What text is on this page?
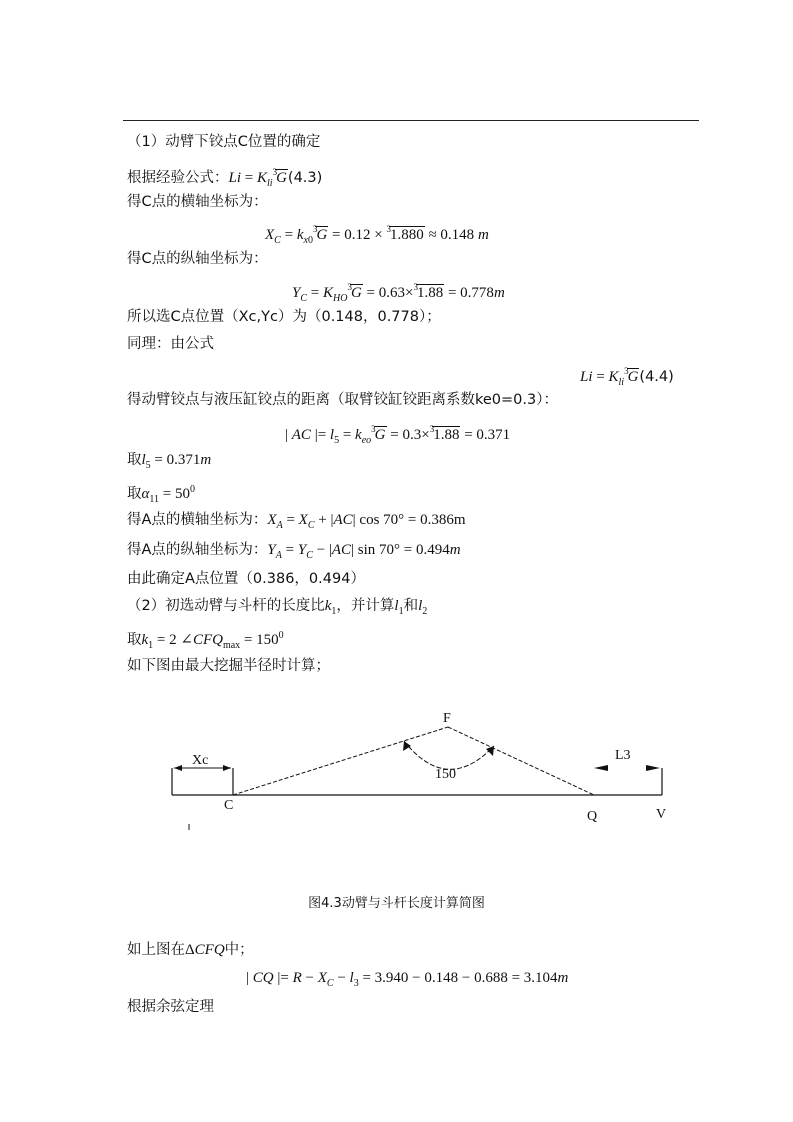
（1）动臂下铰点C位置的确定
根据经验公式：$Li = K_{li}^3G(4.3)$
得C点的横轴坐标为：
$X_C = k_{x0}^3G = 0.12 \times ^31.880 \approx 0.148$ m
得C点的纵轴坐标为：
$Y_C = K_{HO}^3G = 0.63\times^31.88 = 0.778m$
所以选C点位置（Xc,Yc）为（0.148，0.778）；
同理：由公式
$Li = K_{li}^3G(4.4)$
得动臂铰点与液压缸铰点的距离（取臂铰缸铰距离系数ke0=0.3）：
| AC |= $l_5 = k_{eo}^3G = 0.3\times^31.88 = 0.371$
取$l_5 = 0.371m$
取$\alpha_{11} = 50^0$
得A点的横轴坐标为：$X_A = X_C + |AC|$ cos 70° = 0.386m
得A点的纵轴坐标为：$Y_A = Y_C - |AC|$ sin 70° = 0.494m
由此确定A点位置（0.386，0.494）
（2）初选动臂与斗杆的长度比$k_1$，并计算$l_1$和$l_2$
取$k_1 = 2$ $\angle CFQ_{max} = 150^0$
如下图由最大挖掘半径时计算；
F
Xc	L3
150
C
Q	V
图4.3动臂与斗杆长度计算简图
如上图在ΔCFQ中；
| CQ |= $R - X_C - l_3 = 3.940 - 0.148 - 0.688 = 3.104m$
根据余弦定理
